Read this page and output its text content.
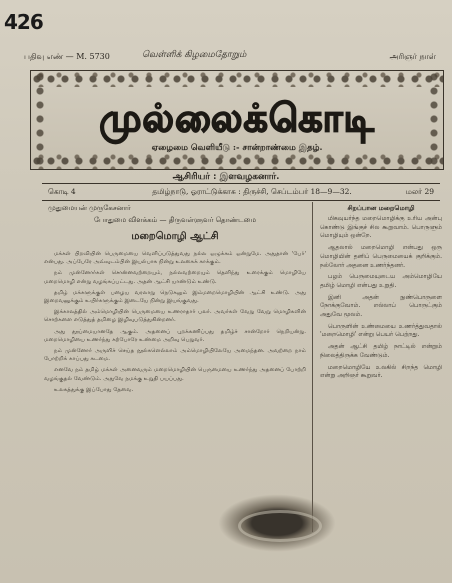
426
பதிவு எண் — M. 5730	வெள்ளிக் கிழமைதோறும்	அரிஞர் நாள்
முல்லைக்கொடி
ஏழைமை வெளியீடு :- சான்றாண்மை இதழ்.
ஆசிரியர் : இளவழகனார்.
கொடி 4	தமிழ்நாடு, ஓராட்டுக்காசு : திருச்சி, செப்டம்பர் 18—9—32.	மலர் 29
முதுமையன் முருகேசனார்
போதுமை விளக்கம் — திருவள்ளுவர் தொண்டமை
மறைமொழி ஆட்சி

மக்கள் பிறவியின் பெருமையை வெளிப்படுத்துவது நல்ல ஒழுக்கம் ஒன்றுமே. அதுதான் 'பேர்' என்பது. அப்பேரே அவ்வுடம்பின் இயல்பாக நின்று உலகைக் காக்கும்.

நம் முன்னோர்கள் சொன்னவற்றையும், நல்லவற்றையும் தெளிந்து உரைக்கும் மொழியே மறைமொழி என்று வழங்கப்பட்டது. அதன் ஆட்சி யாண்டும் உண்டு.

தமிழ் மக்களுக்குள் பழைய வரலாறு நெடுகலும் இம்மறைமொழியின் ஆட்சி உண்டு. அது இறைவனுக்கும் உயிர்களுக்கும் இடையே நின்று இயங்குவது.

இக்காலத்தில் அம்மொழியின் பெருமையை உணராதார் பலர். அவர்கள் வேறு வேறு மொழிகளின் சொற்களை எடுத்துத் தமிழை இழிவுபடுத்துகின்றனர்.

அது தூய்மையானதே ஆகும். அதனைப் புறக்கணிப்பது தமிழ்ச் சான்றோர் நெறியன்று. மறைமொழியை உணர்ந்து கற்போரே உண்மை அறிவு பெறுவர்.

நம் முன்னோர் அருளிச் செய்த நூல்களெல்லாம் அம்மொழியிலேயே அமைந்தன. அவற்றை நாம் போற்றிக் காப்பது கடமை.

எனவே நம் தமிழ் மக்கள் அனைவரும் மறைமொழியின் பெருமையை உணர்ந்து அதனைப் போற்றி வழங்குதல் வேண்டும். அதுவே நமக்கு உறுதி பயப்பது.

உலகத்துக்கு இப்போது தேவை.

சிறப்பான மறைமொழி

மிகவுயர்ந்த மறைமொழிக்கு உரிய அன்பு கொண்டு இங்குச் சில கூறுவாம். பொருளும் மொழியும் ஒன்றே.

ஆதலால் மறைமொழி என்பது ஒரு மொழியின் தனிப் பெருமையைக் குறிக்கும். நல்லோர் அதனை உணர்ந்தனர்.

பழம் பெருமையுடைய அம்மொழியே தமிழ் மொழி என்பது உறுதி.

இனி அதன் நுண்பொருளை நோக்குவோம். எல்லாப் பொருட்கும் அதுவே மூலம்.

பொருளின் உண்மையை உணர்த்துவதால் 'மறைமொழி' என்று பெயர் பெற்றது.

அதன் ஆட்சி தமிழ் நாட்டில் என்றும் நிலைத்திருக்க வேண்டும்.

மறைமொழியே உலகில் சிறந்த மொழி என்று அறிஞர் கூறுவர்.
